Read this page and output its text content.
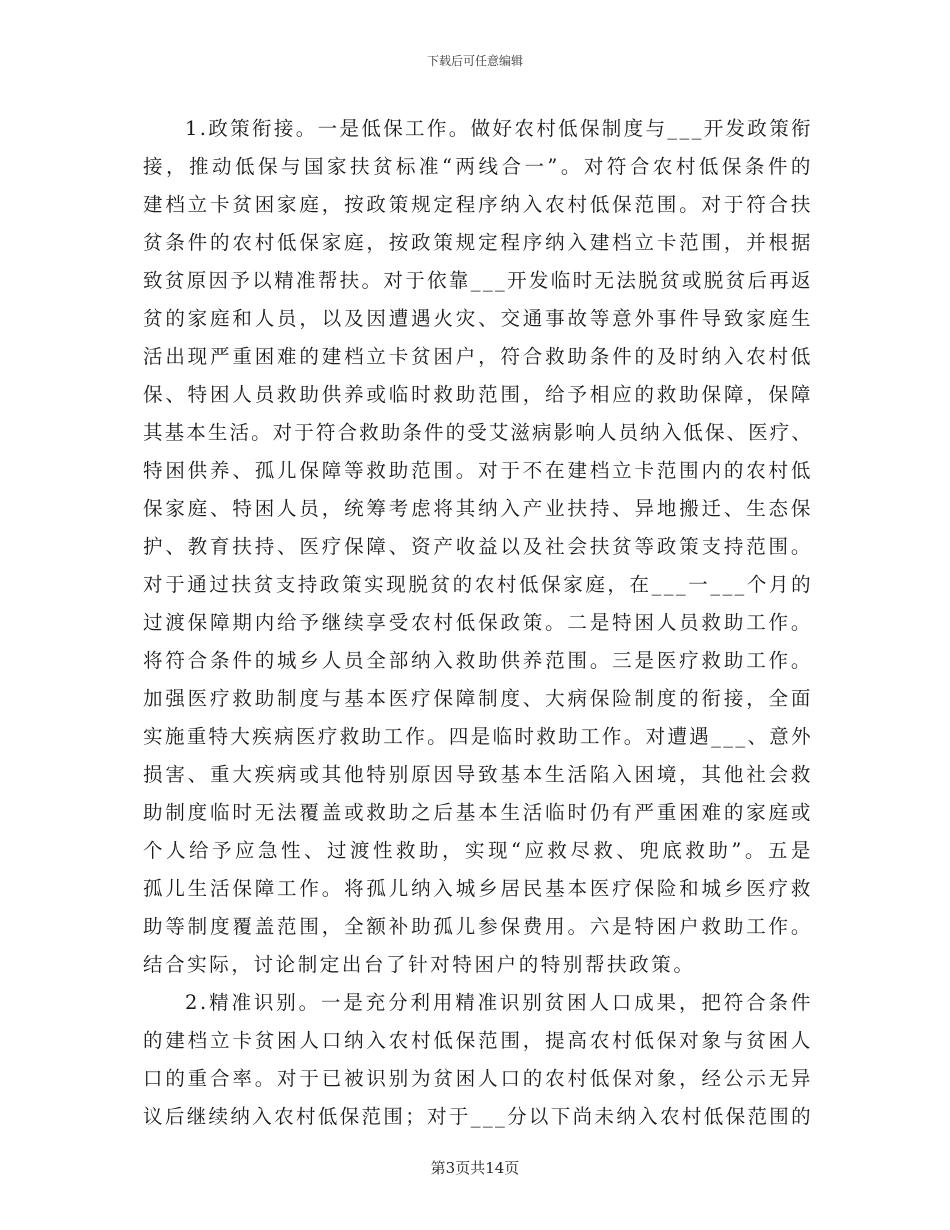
下载后可任意编辑
1.政策衔接。一是低保工作。做好农村低保制度与___开发政策衔
接，推动低保与国家扶贫标准“两线合一”。对符合农村低保条件的
建档立卡贫困家庭，按政策规定程序纳入农村低保范围。对于符合扶
贫条件的农村低保家庭，按政策规定程序纳入建档立卡范围，并根据
致贫原因予以精准帮扶。对于依靠___开发临时无法脱贫或脱贫后再返
贫的家庭和人员，以及因遭遇火灾、交通事故等意外事件导致家庭生
活出现严重困难的建档立卡贫困户，符合救助条件的及时纳入农村低
保、特困人员救助供养或临时救助范围，给予相应的救助保障，保障
其基本生活。对于符合救助条件的受艾滋病影响人员纳入低保、医疗、
特困供养、孤儿保障等救助范围。对于不在建档立卡范围内的农村低
保家庭、特困人员，统筹考虑将其纳入产业扶持、异地搬迁、生态保
护、教育扶持、医疗保障、资产收益以及社会扶贫等政策支持范围。
对于通过扶贫支持政策实现脱贫的农村低保家庭，在___一___个月的
过渡保障期内给予继续享受农村低保政策。二是特困人员救助工作。
将符合条件的城乡人员全部纳入救助供养范围。三是医疗救助工作。
加强医疗救助制度与基本医疗保障制度、大病保险制度的衔接，全面
实施重特大疾病医疗救助工作。四是临时救助工作。对遭遇___、意外
损害、重大疾病或其他特别原因导致基本生活陷入困境，其他社会救
助制度临时无法覆盖或救助之后基本生活临时仍有严重困难的家庭或
个人给予应急性、过渡性救助，实现“应救尽救、兜底救助”。五是
孤儿生活保障工作。将孤儿纳入城乡居民基本医疗保险和城乡医疗救
助等制度覆盖范围，全额补助孤儿参保费用。六是特困户救助工作。
结合实际，讨论制定出台了针对特困户的特别帮扶政策。
2.精准识别。一是充分利用精准识别贫困人口成果，把符合条件
的建档立卡贫困人口纳入农村低保范围，提高农村低保对象与贫困人
口的重合率。对于已被识别为贫困人口的农村低保对象，经公示无异
议后继续纳入农村低保范围；对于___分以下尚未纳入农村低保范围的
第3页共14页
